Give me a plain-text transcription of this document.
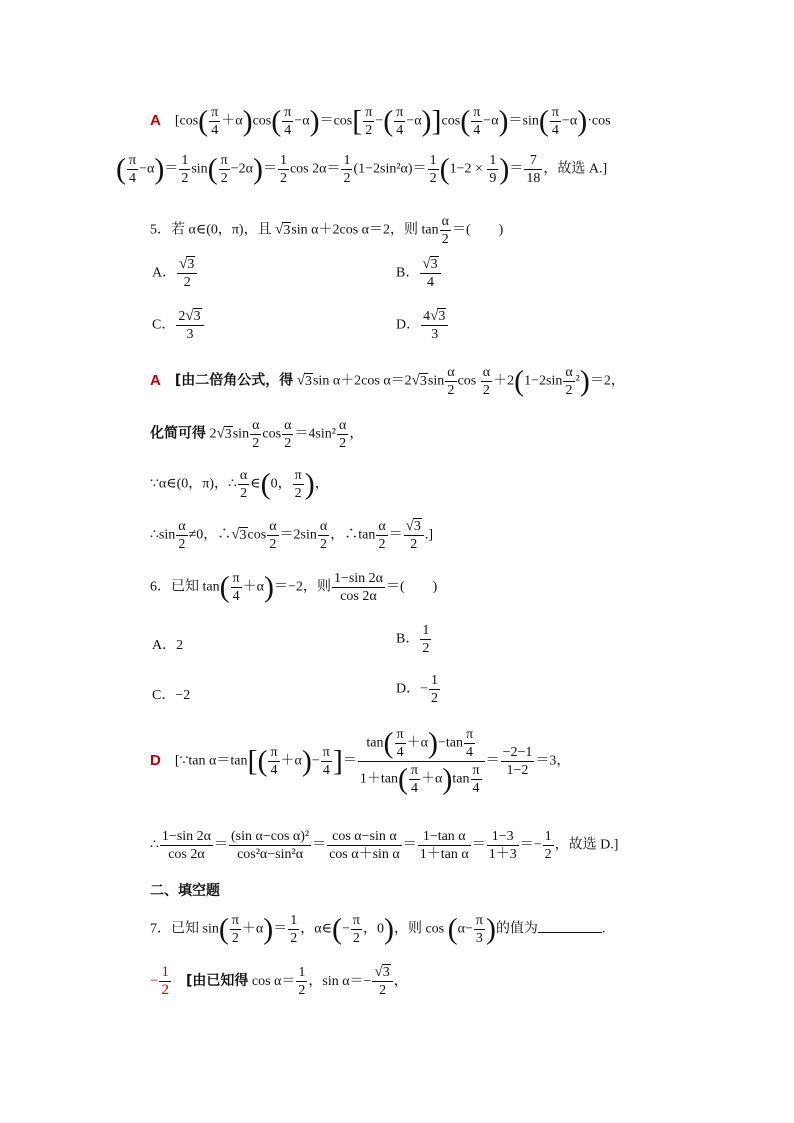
A [$\cos( \frac{\pi}{4} +\alpha)\cos( \frac{\pi}{4} -\alpha)=\cos[ \frac{\pi}{2}$ −( $\frac{\pi}{4} -\alpha)]\cos( \frac{\pi}{4} -\alpha)=\sin( \frac{\pi}{4} -\alpha)\cdot\cos$
( $\frac{\pi}{4} -\alpha)= \frac{1}{2} \sin( \frac{\pi}{2} -2\alpha)= \frac{1}{2}$ $\cos 2\alpha= \frac{1}{2} (1-2\sin^2\alpha)= \frac{1}{2} (1-2 \times \frac{1}{9}$ )＝ $\frac{7}{18}$ ，故选 A.]
5．若 α∈(0，π)，且 √3sin α＋2cos α＝2，则 $\tan \frac{\alpha}{2}$ ＝(　　)
A． $\frac{√3}{2}$	B． $\frac{√3}{4}$
C． $\frac{2√3}{3}$	D． $\frac{4√3}{3}$
A [由二倍角公式，得 √3sin α＋2cos $\alpha=2√3\sin \frac{\alpha}{2}$ $\cos \frac{\alpha}{2} +2(1-2\sin \frac{\alpha}{2} ^2)=2$，
化简可得 $2√3\sin \frac{\alpha}{2}$ $\cos \frac{\alpha}{2} =4\sin^2 \frac{\alpha}{2}$ ，
∵α∈(0，π)，∴ $\frac{\alpha}{2}$ ∈(0， $\frac{\pi}{2}$ )，
∴sin $\frac{\alpha}{2} \ne 0$，∴√3cos $\frac{\alpha}{2} =2\sin \frac{\alpha}{2}$ ，∴tan $\frac{\alpha}{2} = \frac{√3}{2}$ .]
6．已知 $\tan( \frac{\pi}{4} +\alpha)=-2$，则 $\frac{1-\sin 2\alpha}{\cos 2\alpha}$ ＝(　　)
A．2	B． $\frac{1}{2}$
C．−2	D．− $\frac{1}{2}$
D [∵tan $\alpha=\tan[( \frac{\pi}{4} +\alpha)- \frac{\pi}{4}$ ]＝ $\frac{\tan( \frac{\pi}{4} +\alpha)-\tan \frac{\pi}{4}}{1+\tan( \frac{\pi}{4} +\alpha)\tan \frac{\pi}{4}} = \frac{-2-1}{1-2} =3$，
∴ $\frac{1-\sin 2\alpha}{\cos 2\alpha} = \frac{\text{(sin α−cos α)²}}{\text{cos²α−sin²α}} = \frac{\text{cos α−sin α}}{\text{cos α＋sin α}} = \frac{\text{1−tan α}}{\text{1＋tan α}} = \frac{1-3}{1+3} =- \frac{1}{2}$ ，故选 D.]
二、填空题
7．已知 $\sin( \frac{\pi}{2} +\alpha)= \frac{1}{2}$ ，α∈(− $\frac{\pi}{2}$ ，0)，则 $\cos (\alpha- \frac{\pi}{3}$ )的值为	.
− $\frac{1}{2}$ [由已知得 $\cos \alpha= \frac{1}{2}$ ，$\sin \alpha=- \frac{√3}{2}$ ，
